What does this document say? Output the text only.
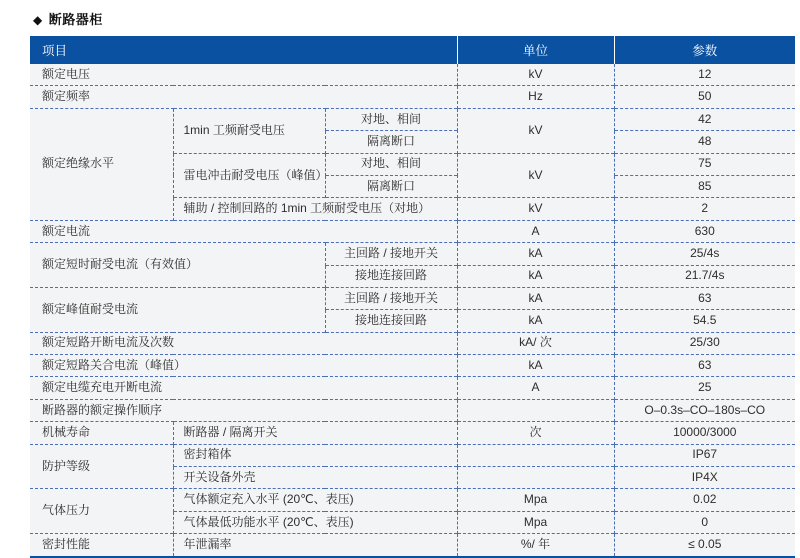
◆ 断路器柜
项目			单位	参数
额定电压			kV	12
额定频率			Hz	50
额定绝缘水平	1min 工频耐受电压	对地、相间	kV	42
		隔离断口		48
	雷电冲击耐受电压（峰值）	对地、相间	kV	75
		隔离断口		85
	辅助 / 控制回路的 1min 工频耐受电压（对地）		kV	2
额定电流			A	630
额定短时耐受电流（有效值）		主回路 / 接地开关	kA	25/4s
		接地连接回路	kA	21.7/4s
额定峰值耐受电流		主回路 / 接地开关	kA	63
		接地连接回路	kA	54.5
额定短路开断电流及次数			kA/ 次	25/30
额定短路关合电流（峰值）			kA	63
额定电缆充电开断电流			A	25
断路器的额定操作顺序				O–0.3s–CO–180s–CO
机械寿命	断路器 / 隔离开关		次	10000/3000
防护等级	密封箱体			IP67
	开关设备外壳			IP4X
气体压力	气体额定充入水平 (20℃、表压)		Mpa	0.02
	气体最低功能水平 (20℃、表压)		Mpa	0
密封性能	年泄漏率		%/ 年	≤ 0.05
